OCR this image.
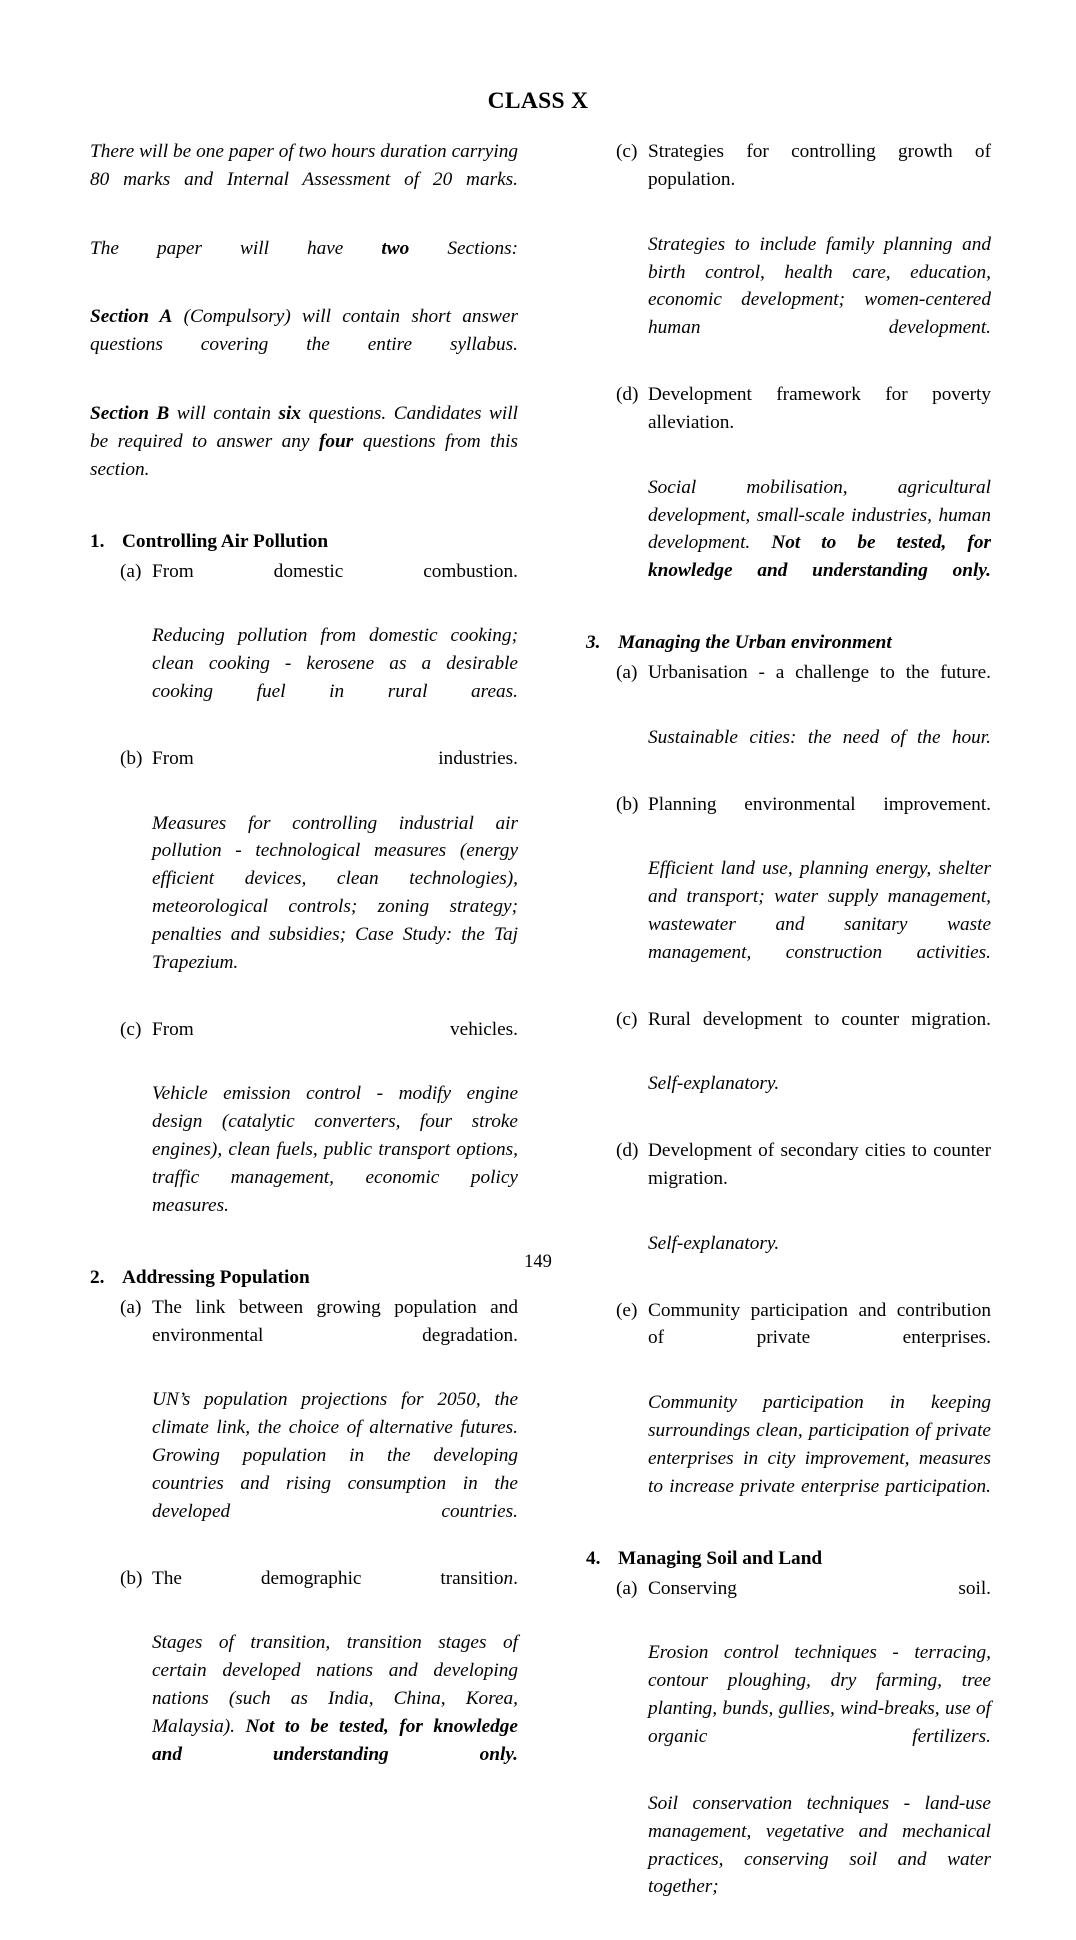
CLASS X
There will be one paper of two hours duration carrying 80 marks and Internal Assessment of 20 marks.
The paper will have two Sections:
Section A (Compulsory) will contain short answer questions covering the entire syllabus.
Section B will contain six questions. Candidates will be required to answer any four questions from this section.
1. Controlling Air Pollution
(a) From domestic combustion.
Reducing pollution from domestic cooking; clean cooking - kerosene as a desirable cooking fuel in rural areas.
(b) From industries.
Measures for controlling industrial air pollution - technological measures (energy efficient devices, clean technologies), meteorological controls; zoning strategy; penalties and subsidies; Case Study: the Taj Trapezium.
(c) From vehicles.
Vehicle emission control - modify engine design (catalytic converters, four stroke engines), clean fuels, public transport options, traffic management, economic policy measures.
2. Addressing Population
(a) The link between growing population and environmental degradation.
UN’s population projections for 2050, the climate link, the choice of alternative futures. Growing population in the developing countries and rising consumption in the developed countries.
(b) The demographic transition.
Stages of transition, transition stages of certain developed nations and developing nations (such as India, China, Korea, Malaysia). Not to be tested, for knowledge and understanding only.
(c) Strategies for controlling growth of population.
Strategies to include family planning and birth control, health care, education, economic development; women-centered human development.
(d) Development framework for poverty alleviation.
Social mobilisation, agricultural development, small-scale industries, human development. Not to be tested, for knowledge and understanding only.
3. Managing the Urban environment
(a) Urbanisation - a challenge to the future.
Sustainable cities: the need of the hour.
(b) Planning environmental improvement.
Efficient land use, planning energy, shelter and transport; water supply management, wastewater and sanitary waste management, construction activities.
(c) Rural development to counter migration.
Self-explanatory.
(d) Development of secondary cities to counter migration.
Self-explanatory.
(e) Community participation and contribution of private enterprises.
Community participation in keeping surroundings clean, participation of private enterprises in city improvement, measures to increase private enterprise participation.
4. Managing Soil and Land
(a) Conserving soil.
Erosion control techniques - terracing, contour ploughing, dry farming, tree planting, bunds, gullies, wind-breaks, use of organic fertilizers.
Soil conservation techniques - land-use management, vegetative and mechanical practices, conserving soil and water together;
149
